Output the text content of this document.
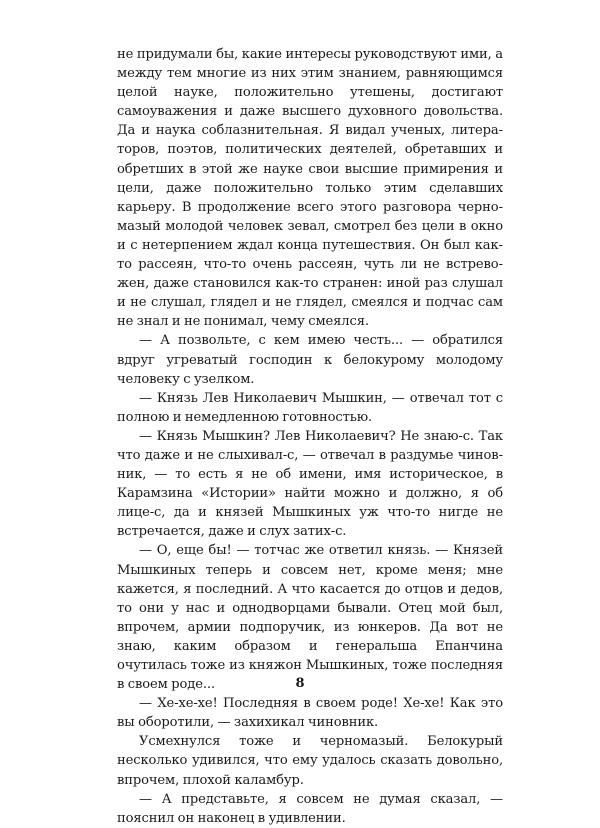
не придумали бы, какие интересы руководствуют ими, а между тем многие из них этим знанием, равняющимся целой науке, положительно утешены, достигают самоуважения и даже высшего духовного довольства. Да и наука соблазнительная. Я видал ученых, литераторов, поэтов, политических деятелей, обретавших и обретших в этой же науке свои высшие примирения и цели, даже положительно только этим сделавших карьеру. В продолжение всего этого разговора черномазый молодой человек зевал, смотрел без цели в окно и с нетерпением ждал конца путешествия. Он был както рассеян, что-то очень рассеян, чуть ли не встревожен, даже становился как-то странен: иной раз слушал и не слушал, глядел и не глядел, смеялся и подчас сам не знал и не понимал, чему смеялся.

— А позвольте, с кем имею честь... — обратился вдруг угреватый господин к белокурому молодому человеку с узелком.

— Князь Лев Николаевич Мышкин, — отвечал тот с полною и немедленною готовностью.

— Князь Мышкин? Лев Николаевич? Не знаю-с. Так что даже и не слыхивал-с, — отвечал в раздумье чиновник, — то есть я не об имени, имя историческое, в Карамзина «Истории» найти можно и должно, я об лице-с, да и князей Мышкиных уж что-то нигде не встречается, даже и слух затих-с.

— О, еще бы! — тотчас же ответил князь. — Князей Мышкиных теперь и совсем нет, кроме меня; мне кажется, я последний. А что касается до отцов и дедов, то они у нас и однодворцами бывали. Отец мой был, впрочем, армии подпоручик, из юнкеров. Да вот не знаю, каким образом и генеральша Епанчина очутилась тоже из княжон Мышкиных, тоже последняя в своем роде...

— Хе-хе-хе! Последняя в своем роде! Хе-хе! Как это вы оборотили, — захихикал чиновник.

Усмехнулся тоже и черномазый. Белокурый несколько удивился, что ему удалось сказать довольно, впрочем, плохой каламбур.

— А представьте, я совсем не думая сказал, — пояснил он наконец в удивлении.

8
